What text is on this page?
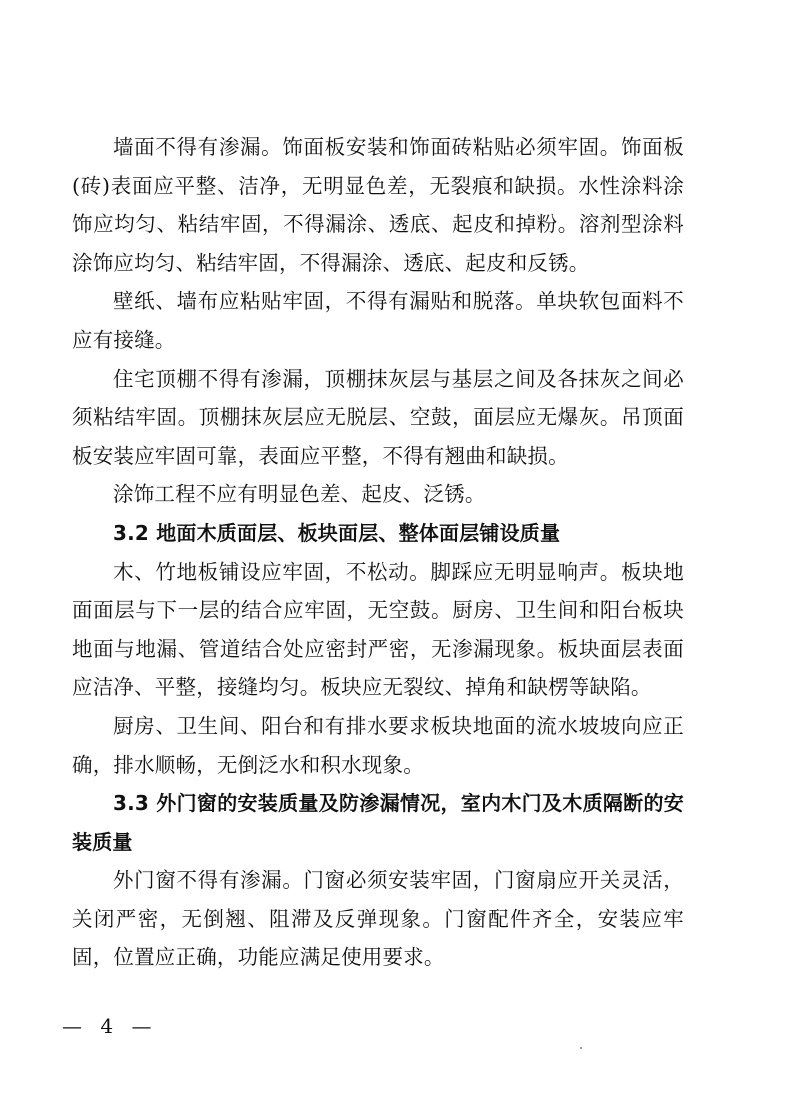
墙面不得有渗漏。饰面板安装和饰面砖粘贴必须牢固。饰面板(砖)表面应平整、洁净，无明显色差，无裂痕和缺损。水性涂料涂饰应均匀、粘结牢固，不得漏涂、透底、起皮和掉粉。溶剂型涂料涂饰应均匀、粘结牢固，不得漏涂、透底、起皮和反锈。

壁纸、墙布应粘贴牢固，不得有漏贴和脱落。单块软包面料不应有接缝。

住宅顶棚不得有渗漏，顶棚抹灰层与基层之间及各抹灰之间必须粘结牢固。顶棚抹灰层应无脱层、空鼓，面层应无爆灰。吊顶面板安装应牢固可靠，表面应平整，不得有翘曲和缺损。

涂饰工程不应有明显色差、起皮、泛锈。

3.2 地面木质面层、板块面层、整体面层铺设质量

木、竹地板铺设应牢固，不松动。脚踩应无明显响声。板块地面面层与下一层的结合应牢固，无空鼓。厨房、卫生间和阳台板块地面与地漏、管道结合处应密封严密，无渗漏现象。板块面层表面应洁净、平整，接缝均匀。板块应无裂纹、掉角和缺楞等缺陷。

厨房、卫生间、阳台和有排水要求板块地面的流水坡坡向应正确，排水顺畅，无倒泛水和积水现象。

3.3 外门窗的安装质量及防渗漏情况，室内木门及木质隔断的安装质量

外门窗不得有渗漏。门窗必须安装牢固，门窗扇应开关灵活，关闭严密，无倒翘、阻滞及反弹现象。门窗配件齐全，安装应牢固，位置应正确，功能应满足使用要求。

— 4 —
